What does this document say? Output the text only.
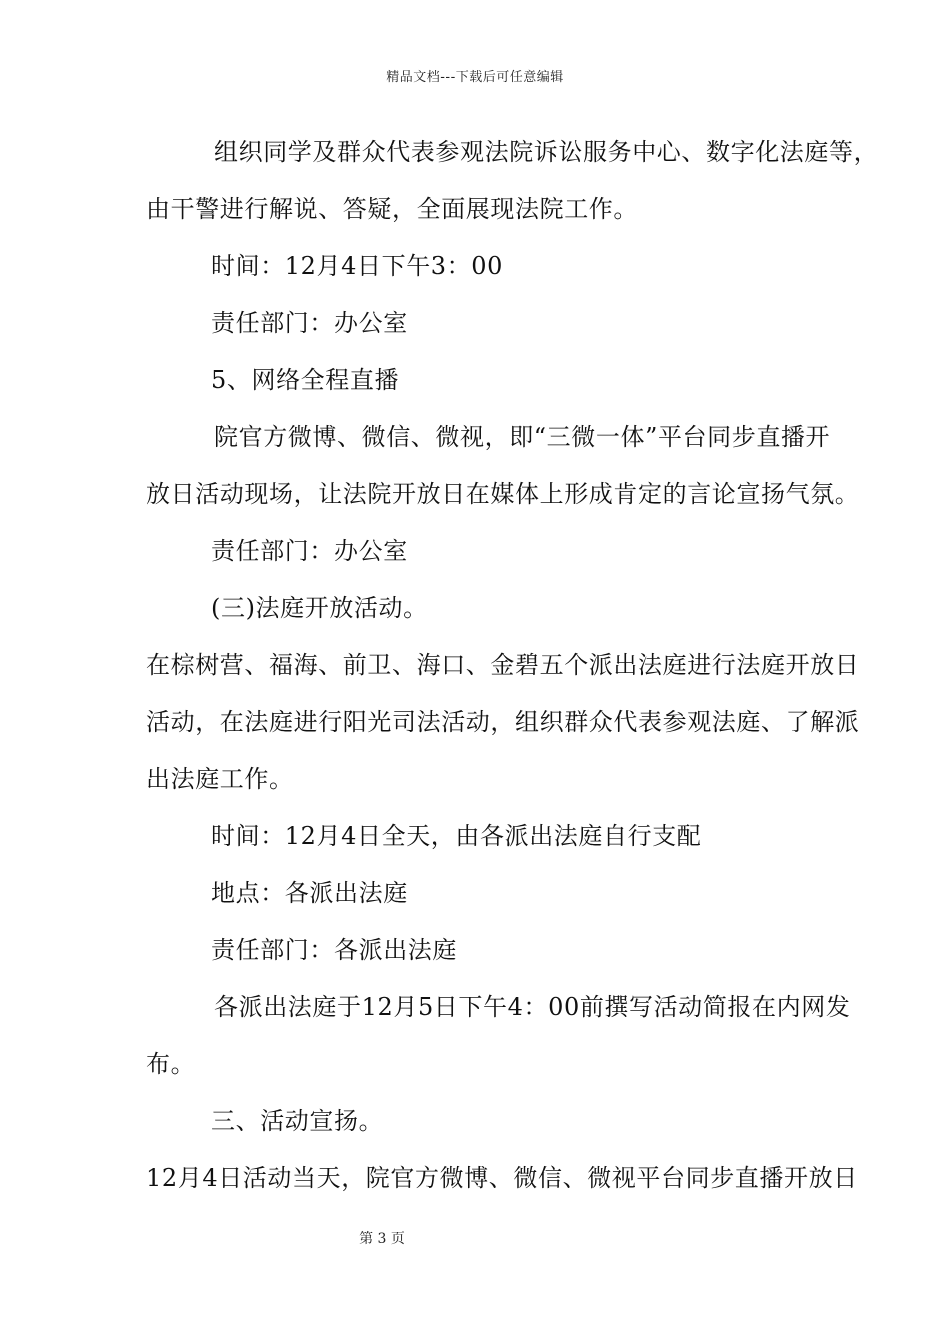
精品文档---下载后可任意编辑
组织同学及群众代表参观法院诉讼服务中心、数字化法庭等，
由干警进行解说、答疑，全面展现法院工作。
时间：12月4日下午3：00
责任部门：办公室
5、网络全程直播
院官方微博、微信、微视，即“三微一体”平台同步直播开
放日活动现场，让法院开放日在媒体上形成肯定的言论宣扬气氛。
责任部门：办公室
(三)法庭开放活动。
在棕树营、福海、前卫、海口、金碧五个派出法庭进行法庭开放日
活动，在法庭进行阳光司法活动，组织群众代表参观法庭、了解派
出法庭工作。
时间：12月4日全天，由各派出法庭自行支配
地点：各派出法庭
责任部门：各派出法庭
各派出法庭于12月5日下午4：00前撰写活动简报在内网发
布。
三、活动宣扬。
12月4日活动当天，院官方微博、微信、微视平台同步直播开放日
第 3 页
